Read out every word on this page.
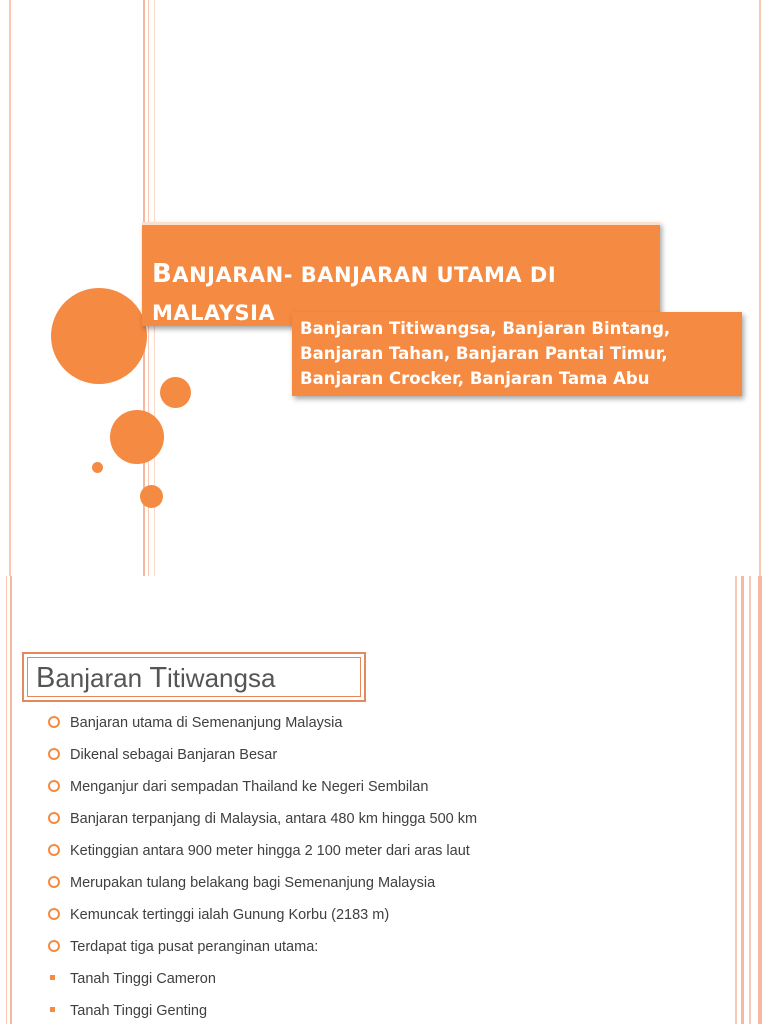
BANJARAN- BANJARAN UTAMA DI
MALAYSIA
Banjaran Titiwangsa, Banjaran Bintang,
Banjaran Tahan, Banjaran Pantai Timur,
Banjaran Crocker, Banjaran Tama Abu
Banjaran Titiwangsa
Banjaran utama di Semenanjung Malaysia
Dikenal sebagai Banjaran Besar
Menganjur dari sempadan Thailand ke Negeri Sembilan
Banjaran terpanjang di Malaysia, antara 480 km hingga 500 km
Ketinggian antara 900 meter hingga 2 100 meter dari aras laut
Merupakan tulang belakang bagi Semenanjung Malaysia
Kemuncak tertinggi ialah Gunung Korbu (2183 m)
Terdapat tiga pusat peranginan utama:
Tanah Tinggi Cameron
Tanah Tinggi Genting
